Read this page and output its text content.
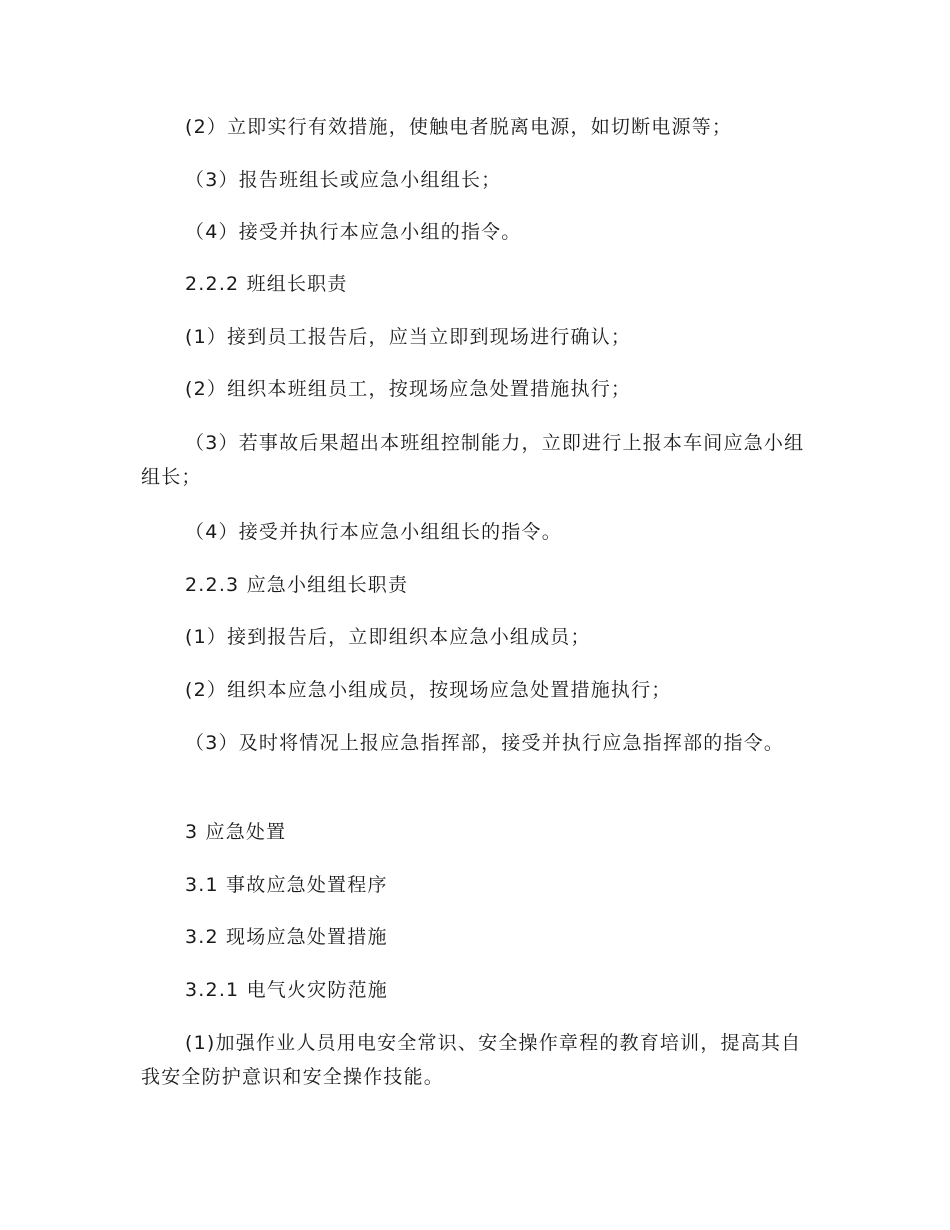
(2）立即实行有效措施，使触电者脱离电源，如切断电源等；

（3）报告班组长或应急小组组长；

（4）接受并执行本应急小组的指令。

2.2.2 班组长职责

(1）接到员工报告后，应当立即到现场进行确认；

(2）组织本班组员工，按现场应急处置措施执行；

（3）若事故后果超出本班组控制能力，立即进行上报本车间应急小组组长；

（4）接受并执行本应急小组组长的指令。

2.2.3 应急小组组长职责

(1）接到报告后，立即组织本应急小组成员；

(2）组织本应急小组成员，按现场应急处置措施执行；

（3）及时将情况上报应急指挥部，接受并执行应急指挥部的指令。

3 应急处置

3.1 事故应急处置程序

3.2 现场应急处置措施

3.2.1 电气火灾防范施

(1)加强作业人员用电安全常识、安全操作章程的教育培训，提高其自我安全防护意识和安全操作技能。
